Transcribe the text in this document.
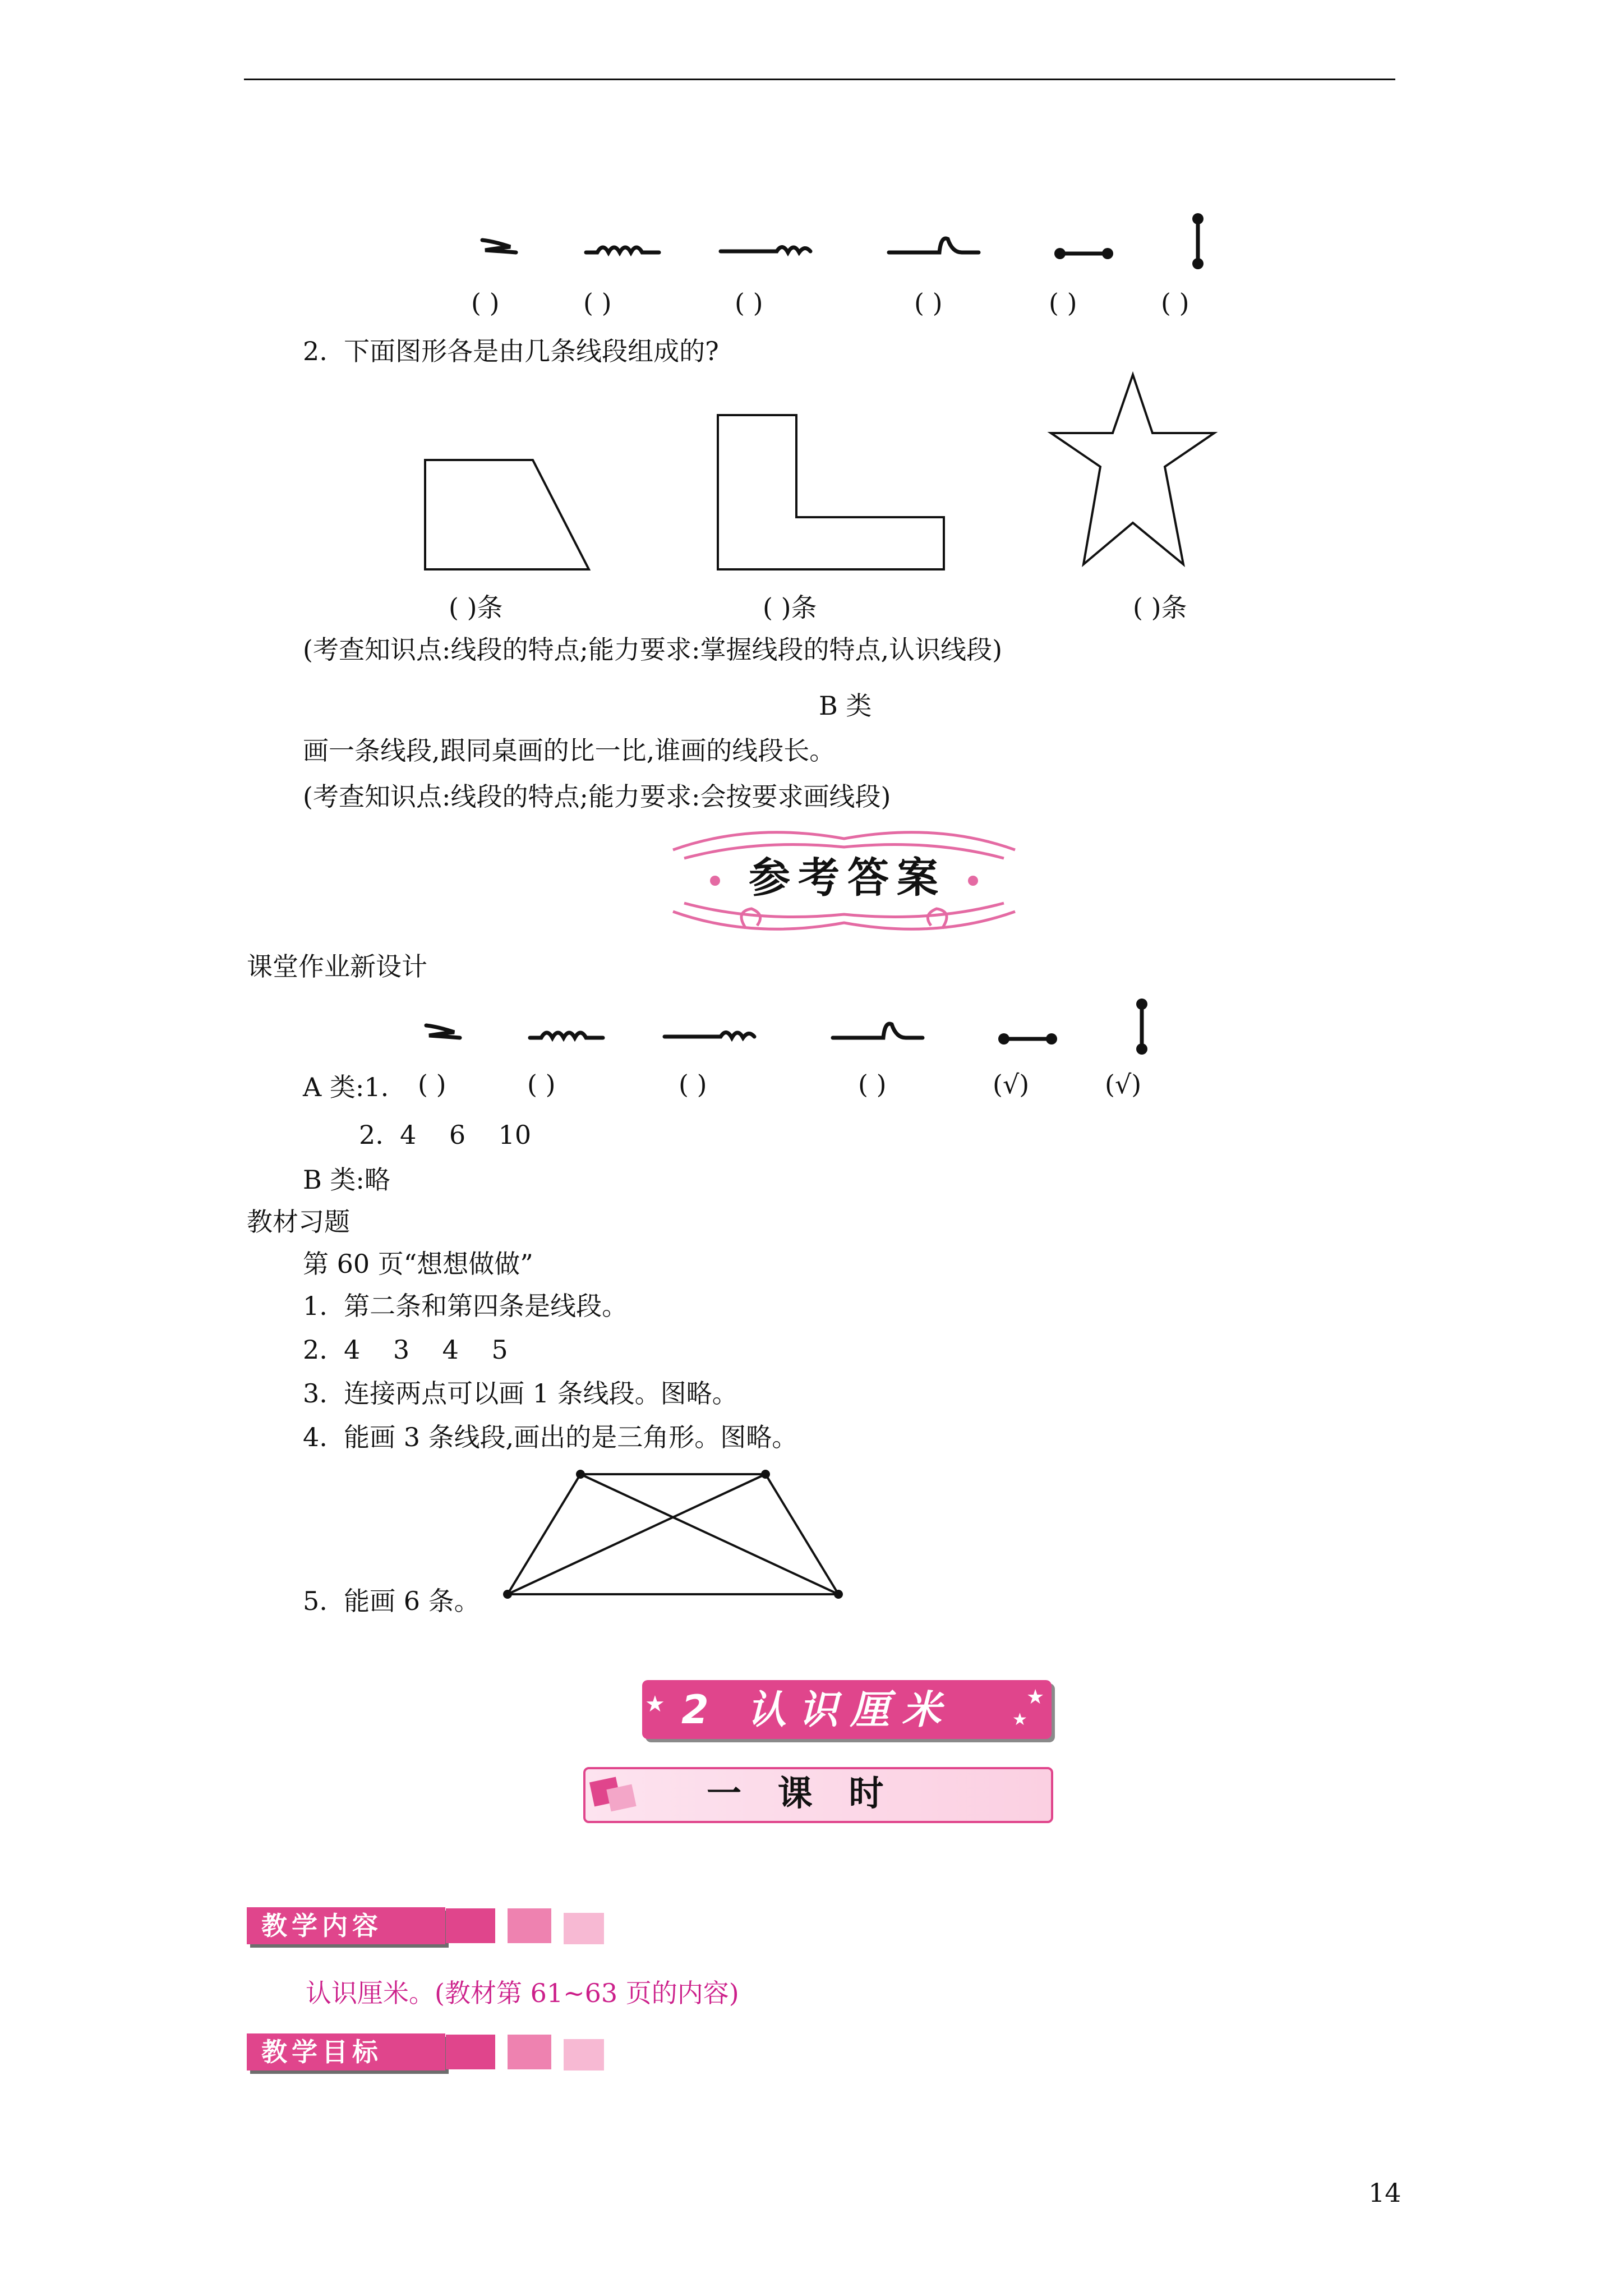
( )	( )	( )	( )	( )	( )
2.  下面图形各是由几条线段组成的?
( )条	( )条	( )条
(考查知识点:线段的特点;能力要求:掌握线段的特点,认识线段)
B 类
画一条线段,跟同桌画的比一比,谁画的线段长。
(考查知识点:线段的特点;能力要求:会按要求画线段)
参考答案
课堂作业新设计
A 类:1. ( )	( )	( )	( )	(√)	(√)
2.  4    6    10
B 类:略
教材习题
第 60 页“想想做做”
1.  第二条和第四条是线段。
2.  4    3    4    5
3.  连接两点可以画 1 条线段。图略。
4.  能画 3 条线段,画出的是三角形。图略。
5.  能画 6 条。
★	★
★
2 认识厘米
一   课   时
教学内容
认识厘米。(教材第 61~63 页的内容)
教学目标
14
